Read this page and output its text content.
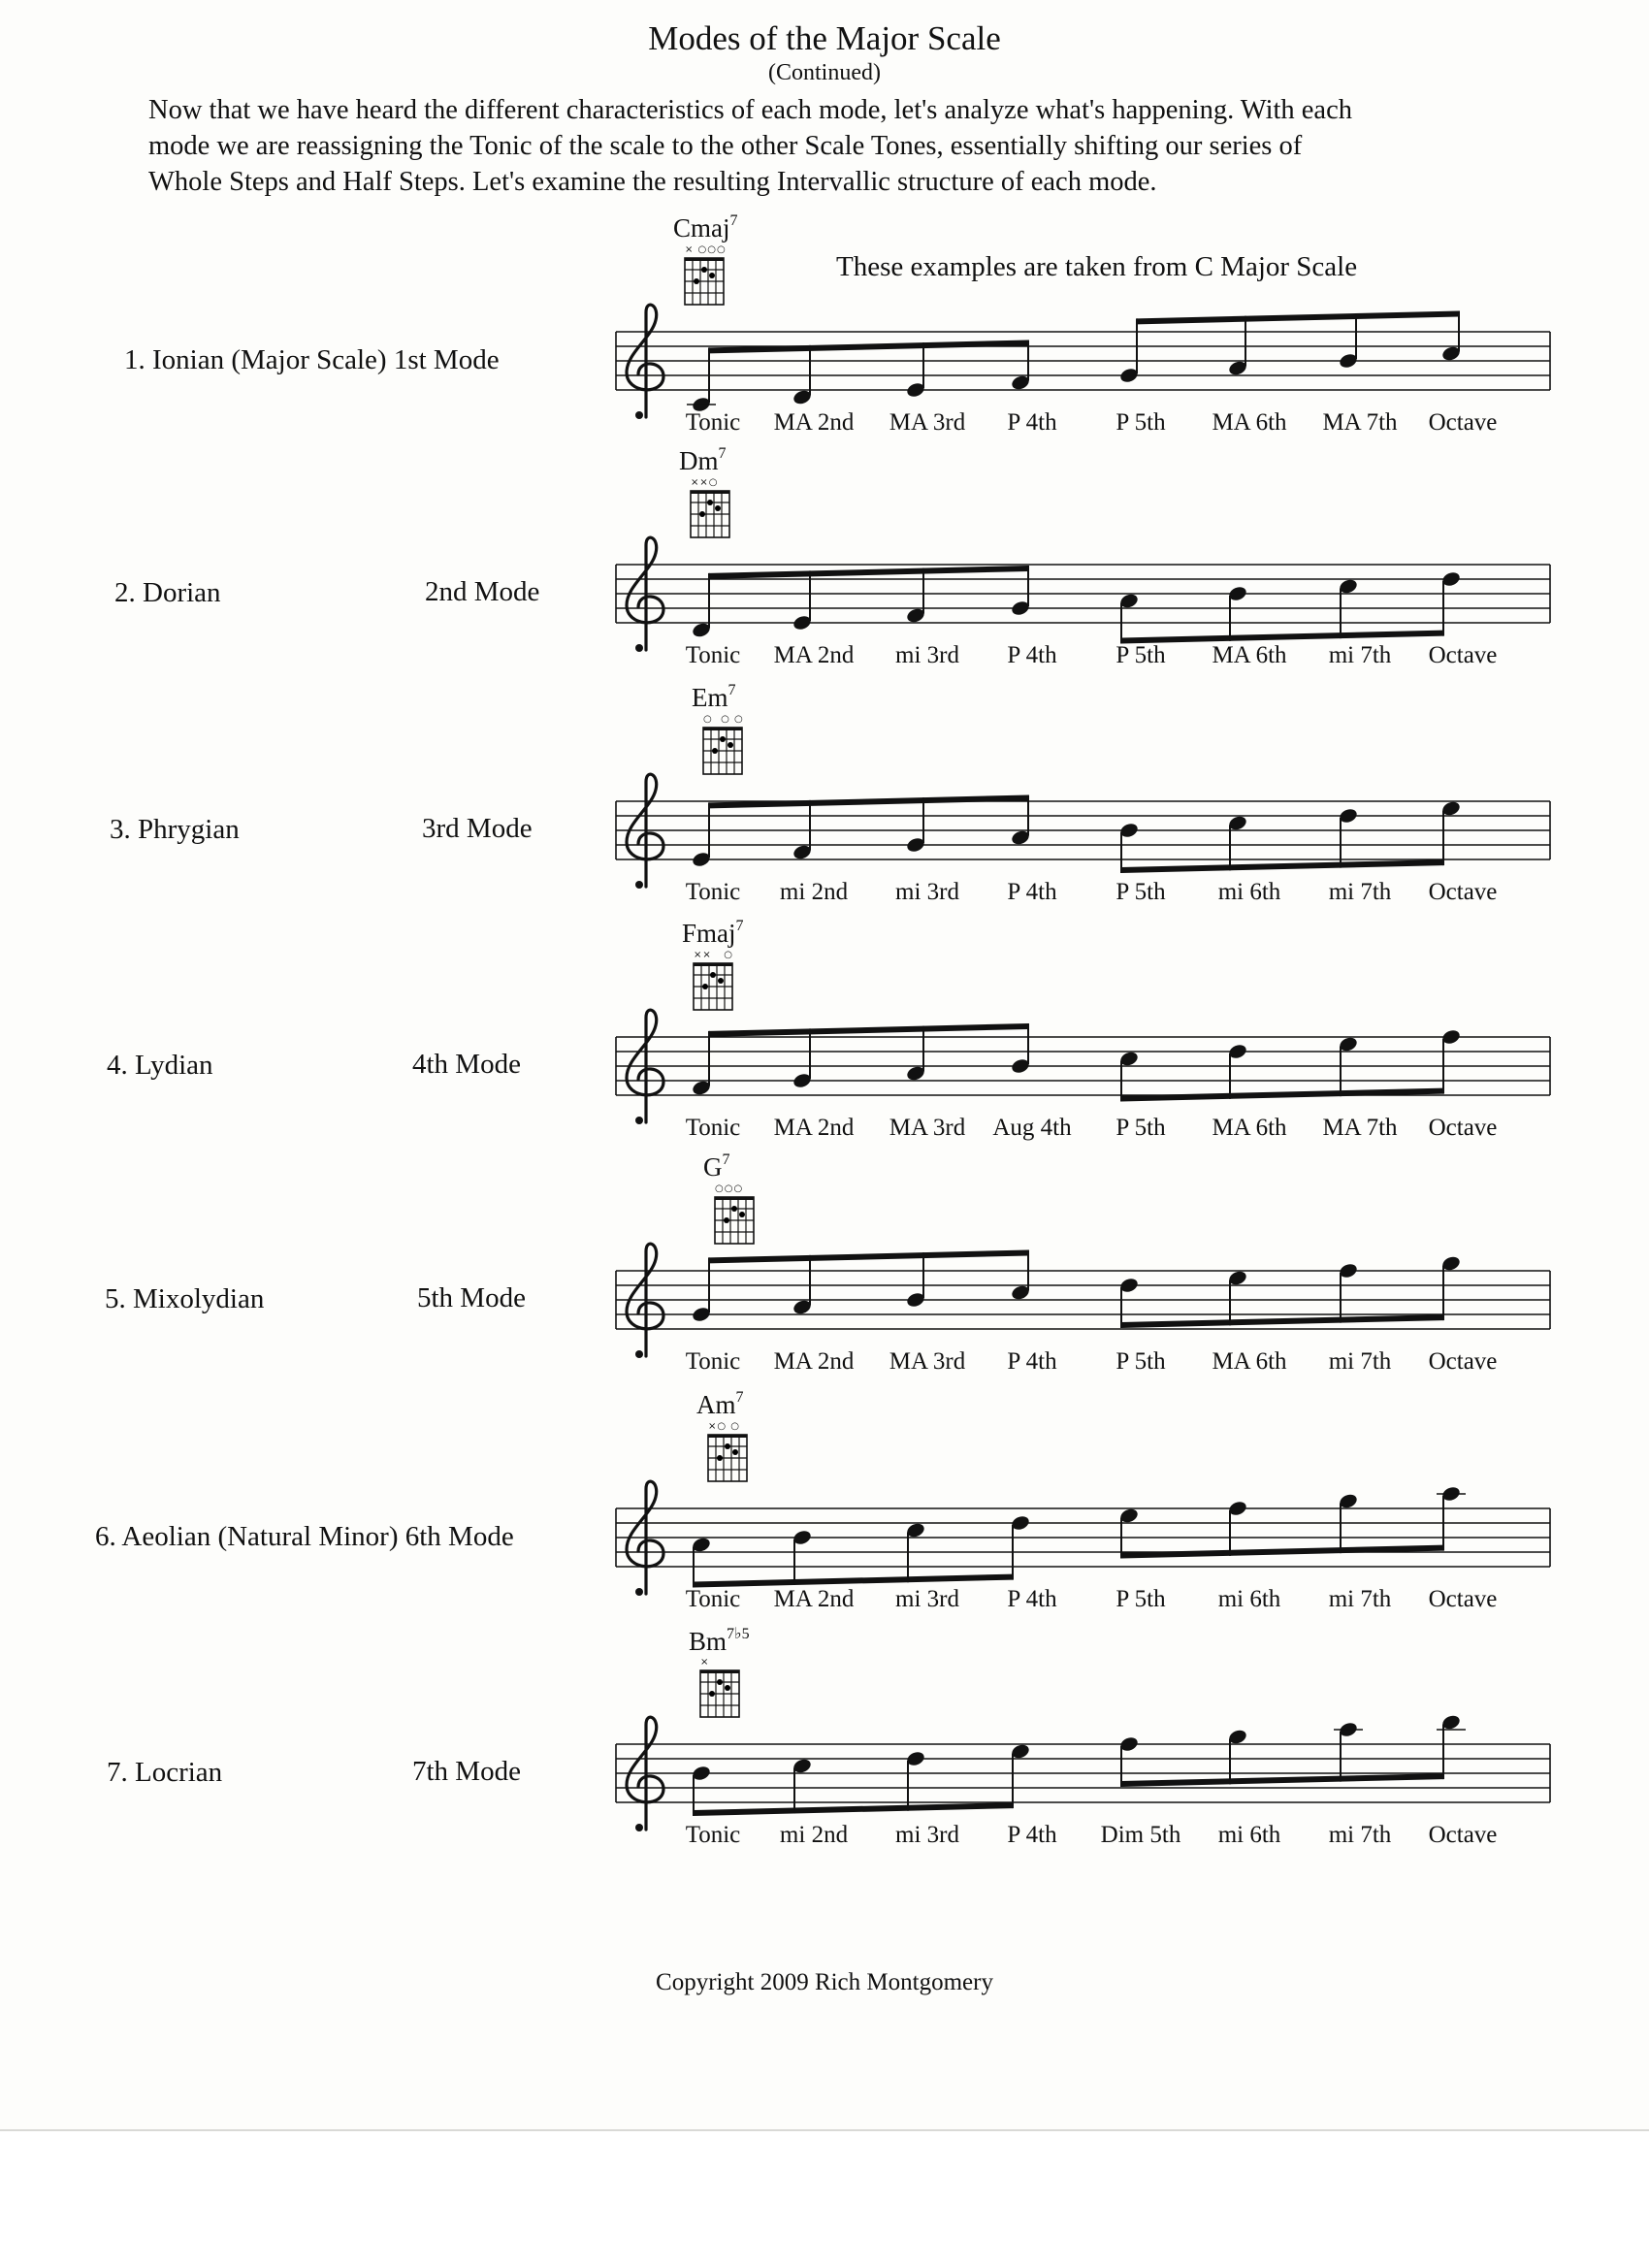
Modes of the Major Scale
(Continued)

Now that we have heard the different characteristics of each mode, let's analyze what's happening. With each
mode we are reassigning the Tonic of the scale to the other Scale Tones, essentially shifting our series of
Whole Steps and Half Steps. Let's examine the resulting Intervallic structure of each mode.

These examples are taken from C Major Scale
1. Ionian (Major Scale) 1st Mode
Cmaj$^7$
× ○○○
Tonic MA 2nd MA 3rd P 4th P 5th MA 6th MA 7th Octave
2. Dorian	2nd Mode
$Dm^7$
××○
Tonic MA 2nd mi 3rd P 4th P 5th MA 6th mi 7th Octave
3. Phrygian	3rd Mode
Em$^7$
○  ○ ○
Tonic mi 2nd mi 3rd P 4th P 5th mi 6th mi 7th Octave
4. Lydian	4th Mode
Fmaj$^7$
××   ○
Tonic MA 2nd MA 3rd Aug 4th P 5th MA 6th MA 7th Octave
5. Mixolydian	5th Mode
$G^7$
○○○
Tonic MA 2nd MA 3rd P 4th P 5th MA 6th mi 7th Octave
6. Aeolian (Natural Minor) 6th Mode
$Am^7$
×○ ○
Tonic MA 2nd mi 3rd P 4th P 5th mi 6th mi 7th Octave
7. Locrian	7th Mode
$Bm^{7♭5}$
×
Tonic mi 2nd mi 3rd P 4th Dim 5th mi 6th mi 7th Octave
Copyright 2009 Rich Montgomery
